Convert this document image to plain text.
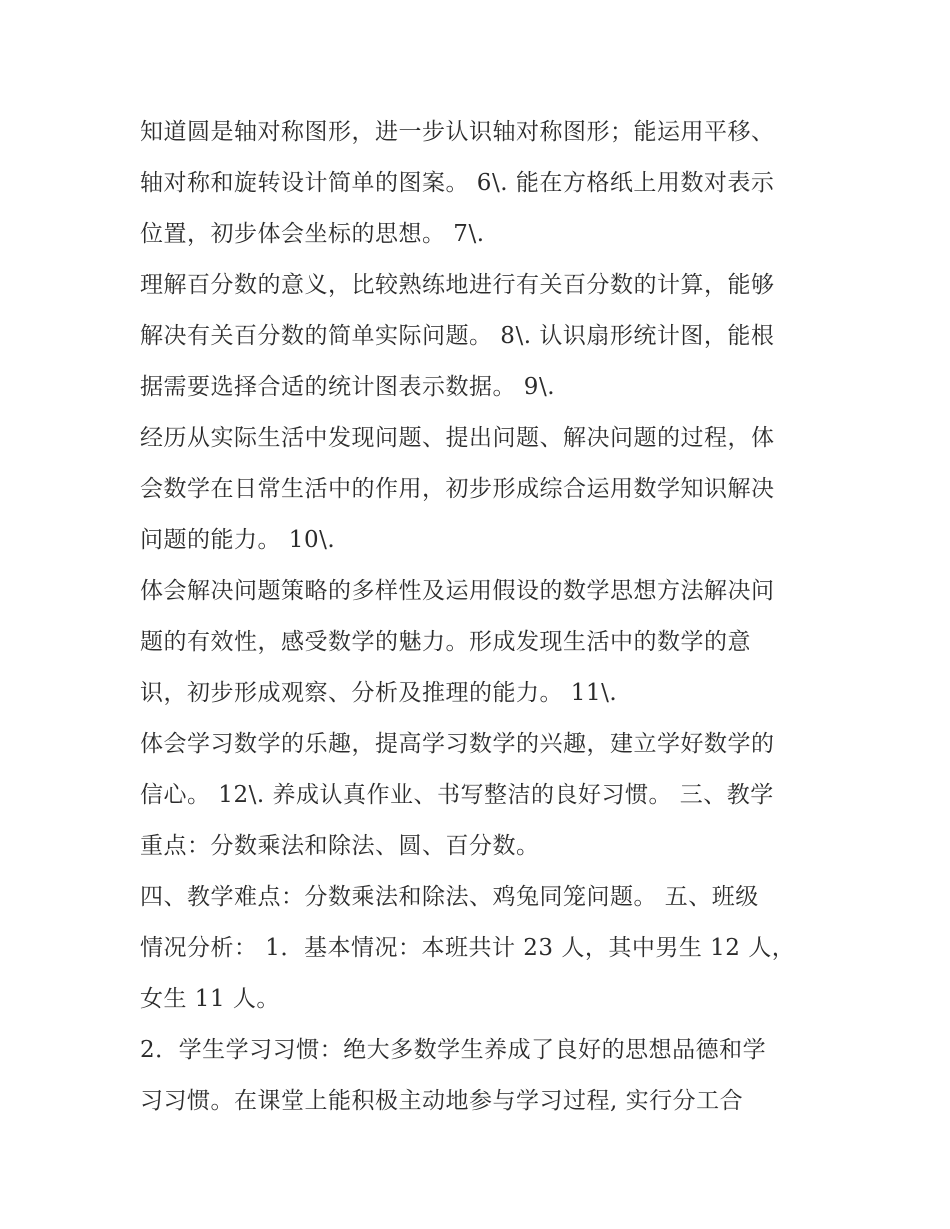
知道圆是轴对称图形，进一步认识轴对称图形；能运用平移、
轴对称和旋转设计简单的图案。 6\. 能在方格纸上用数对表示
位置，初步体会坐标的思想。 7\.
理解百分数的意义，比较熟练地进行有关百分数的计算，能够
解决有关百分数的简单实际问题。 8\. 认识扇形统计图，能根
据需要选择合适的统计图表示数据。 9\.
经历从实际生活中发现问题、提出问题、解决问题的过程，体
会数学在日常生活中的作用，初步形成综合运用数学知识解决
问题的能力。 10\.
体会解决问题策略的多样性及运用假设的数学思想方法解决问
题的有效性，感受数学的魅力。形成发现生活中的数学的意
识，初步形成观察、分析及推理的能力。 11\.
体会学习数学的乐趣，提高学习数学的兴趣，建立学好数学的
信心。 12\. 养成认真作业、书写整洁的良好习惯。 三、教学
重点：分数乘法和除法、圆、百分数。
四、教学难点：分数乘法和除法、鸡兔同笼问题。 五、班级
情况分析： 1．基本情况：本班共计 23 人，其中男生 12 人，
女生 11 人。
2．学生学习习惯：绝大多数学生养成了良好的思想品德和学
习习惯。在课堂上能积极主动地参与学习过程, 实行分工合
